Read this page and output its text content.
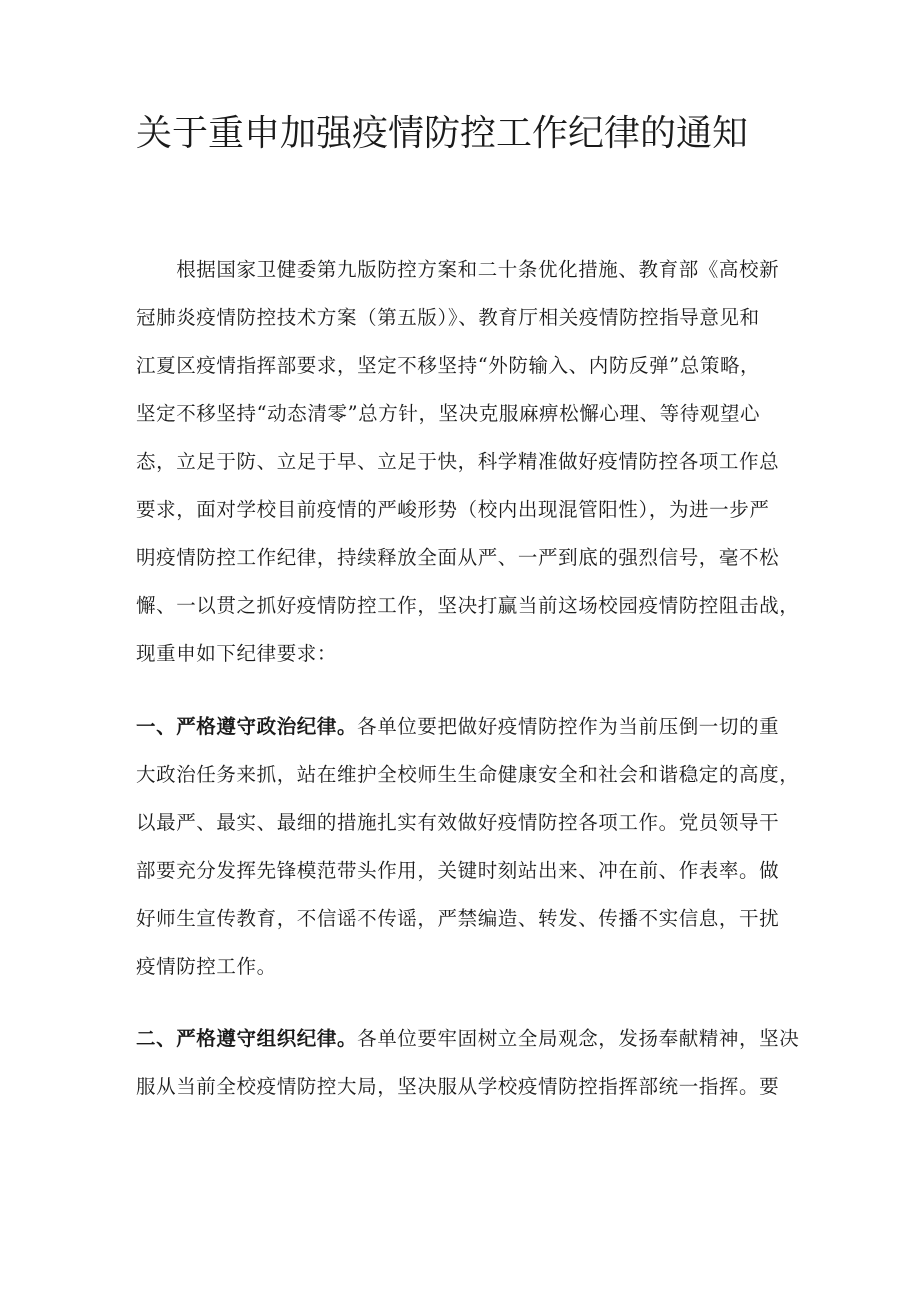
关于重申加强疫情防控工作纪律的通知
　　根据国家卫健委第九版防控方案和二十条优化措施、教育部《高校新
冠肺炎疫情防控技术方案（第五版）》、教育厅相关疫情防控指导意见和
江夏区疫情指挥部要求，坚定不移坚持“外防输入、内防反弹”总策略，
坚定不移坚持“动态清零”总方针，坚决克服麻痹松懈心理、等待观望心
态，立足于防、立足于早、立足于快，科学精准做好疫情防控各项工作总
要求，面对学校目前疫情的严峻形势（校内出现混管阳性），为进一步严
明疫情防控工作纪律，持续释放全面从严、一严到底的强烈信号，毫不松
懈、一以贯之抓好疫情防控工作，坚决打赢当前这场校园疫情防控阻击战，
现重申如下纪律要求：
一、严格遵守政治纪律。各单位要把做好疫情防控作为当前压倒一切的重
大政治任务来抓，站在维护全校师生生命健康安全和社会和谐稳定的高度，
以最严、最实、最细的措施扎实有效做好疫情防控各项工作。党员领导干
部要充分发挥先锋模范带头作用，关键时刻站出来、冲在前、作表率。做
好师生宣传教育，不信谣不传谣，严禁编造、转发、传播不实信息，干扰
疫情防控工作。
二、严格遵守组织纪律。各单位要牢固树立全局观念，发扬奉献精神，坚决
服从当前全校疫情防控大局，坚决服从学校疫情防控指挥部统一指挥。要
